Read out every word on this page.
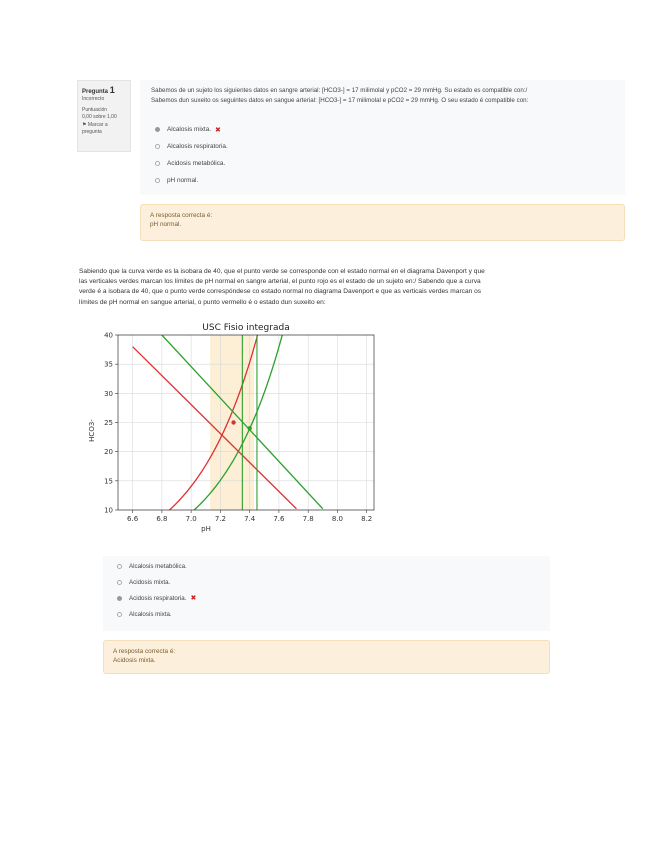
Pregunta 1
Incorrecto
Puntuación
0,00 sobre 1,00
⚑ Marcar a pregunta

Sabemos de un sujeto los siguientes datos en sangre arterial: [HCO3-] = 17 milimolal y pCO2 = 29 mmHg. Su estado es compatible con:/

Sabemos dun suxeito os seguintes datos en sangue arterial: [HCO3-] = 17 milimolal e pCO2 = 29 mmHg. O seu estado é compatible con:

Alcalosis mixta. ✖
Alcalosis respiratoria.
Acidosis metabólica.
pH normal.
A resposta correcta é:
pH normal.

Sabiendo que la curva verde es la isobara de 40, que el punto verde se corresponde con el estado normal en el diagrama Davenport y que

las verticales verdes marcan los límites de pH normal en sangre arterial, el punto rojo es el estado de un sujeto en:/ Sabendo que a curva

verde é a isobara de 40, que o punto verde correspóndese co estado normal no diagrama Davenport e que as verticais verdes marcan os

límites de pH normal en sangue arterial, o punto vermello é o estado dun suxeito en:

6.6	6.8	7.0	7.2	7.4	7.6	7.8	8.0	8.2
10
15
20
25
30
35
40
USC Fisio integrada
pH
HCO3-
Alcalosis metabólica.
Acidosis mixta.
Acidosis respiratoria. ✖
Alcalosis mixta.
A resposta correcta é:
Acidosis mixta.
